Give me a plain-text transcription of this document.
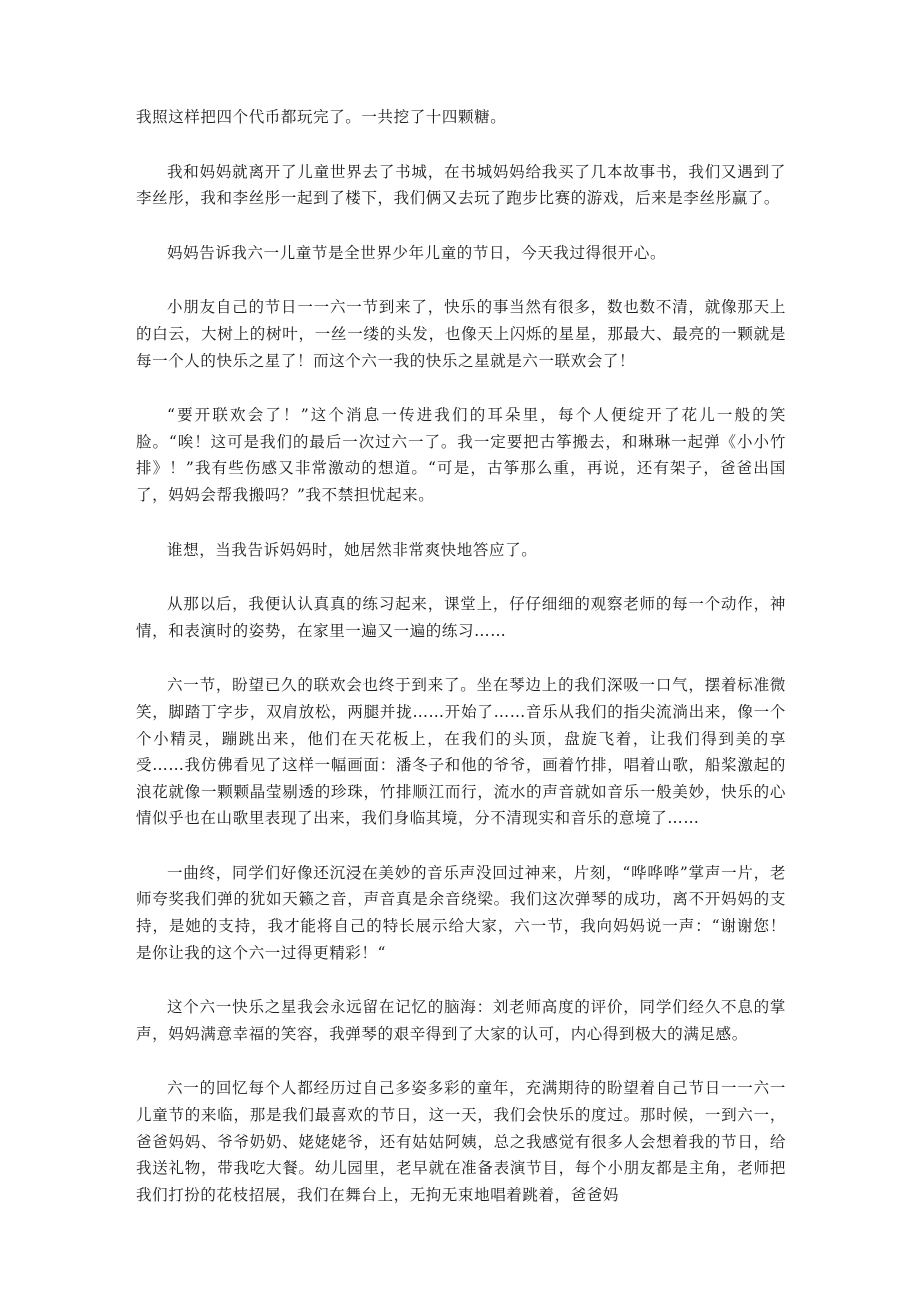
我照这样把四个代币都玩完了。一共挖了十四颗糖。

我和妈妈就离开了儿童世界去了书城，在书城妈妈给我买了几本故事书，我们又遇到了李丝彤，我和李丝彤一起到了楼下，我们俩又去玩了跑步比赛的游戏，后来是李丝彤赢了。

妈妈告诉我六一儿童节是全世界少年儿童的节日，今天我过得很开心。

小朋友自己的节日一一六一节到来了，快乐的事当然有很多，数也数不清，就像那天上的白云，大树上的树叶，一丝一缕的头发，也像天上闪烁的星星，那最大、最亮的一颗就是每一个人的快乐之星了！而这个六一我的快乐之星就是六一联欢会了！

“要开联欢会了！”这个消息一传进我们的耳朵里，每个人便绽开了花儿一般的笑脸。“唉！这可是我们的最后一次过六一了。我一定要把古筝搬去，和琳琳一起弹《小小竹排》！”我有些伤感又非常激动的想道。“可是，古筝那么重，再说，还有架子，爸爸出国了，妈妈会帮我搬吗？”我不禁担忧起来。

谁想，当我告诉妈妈时，她居然非常爽快地答应了。

从那以后，我便认认真真的练习起来，课堂上，仔仔细细的观察老师的每一个动作，神情，和表演时的姿势，在家里一遍又一遍的练习……

六一节，盼望已久的联欢会也终于到来了。坐在琴边上的我们深吸一口气，摆着标准微笑，脚踏丁字步，双肩放松，两腿并拢……开始了……音乐从我们的指尖流淌出来，像一个个小精灵，蹦跳出来，他们在天花板上，在我们的头顶，盘旋飞着，让我们得到美的享受……我仿佛看见了这样一幅画面：潘冬子和他的爷爷，画着竹排，唱着山歌，船桨激起的浪花就像一颗颗晶莹剔透的珍珠，竹排顺江而行，流水的声音就如音乐一般美妙，快乐的心情似乎也在山歌里表现了出来，我们身临其境，分不清现实和音乐的意境了……

一曲终，同学们好像还沉浸在美妙的音乐声没回过神来，片刻，“哗哗哗”掌声一片，老师夸奖我们弹的犹如天籁之音，声音真是余音绕梁。我们这次弹琴的成功，离不开妈妈的支持，是她的支持，我才能将自己的特长展示给大家，六一节，我向妈妈说一声：“谢谢您！是你让我的这个六一过得更精彩！“

这个六一快乐之星我会永远留在记忆的脑海：刘老师高度的评价，同学们经久不息的掌声，妈妈满意幸福的笑容，我弹琴的艰辛得到了大家的认可，内心得到极大的满足感。

六一的回忆每个人都经历过自己多姿多彩的童年，充满期待的盼望着自己节日一一六一儿童节的来临，那是我们最喜欢的节日，这一天，我们会快乐的度过。那时候，一到六一，爸爸妈妈、爷爷奶奶、姥姥姥爷，还有姑姑阿姨，总之我感觉有很多人会想着我的节日，给我送礼物，带我吃大餐。幼儿园里，老早就在准备表演节目，每个小朋友都是主角，老师把我们打扮的花枝招展，我们在舞台上，无拘无束地唱着跳着，爸爸妈
